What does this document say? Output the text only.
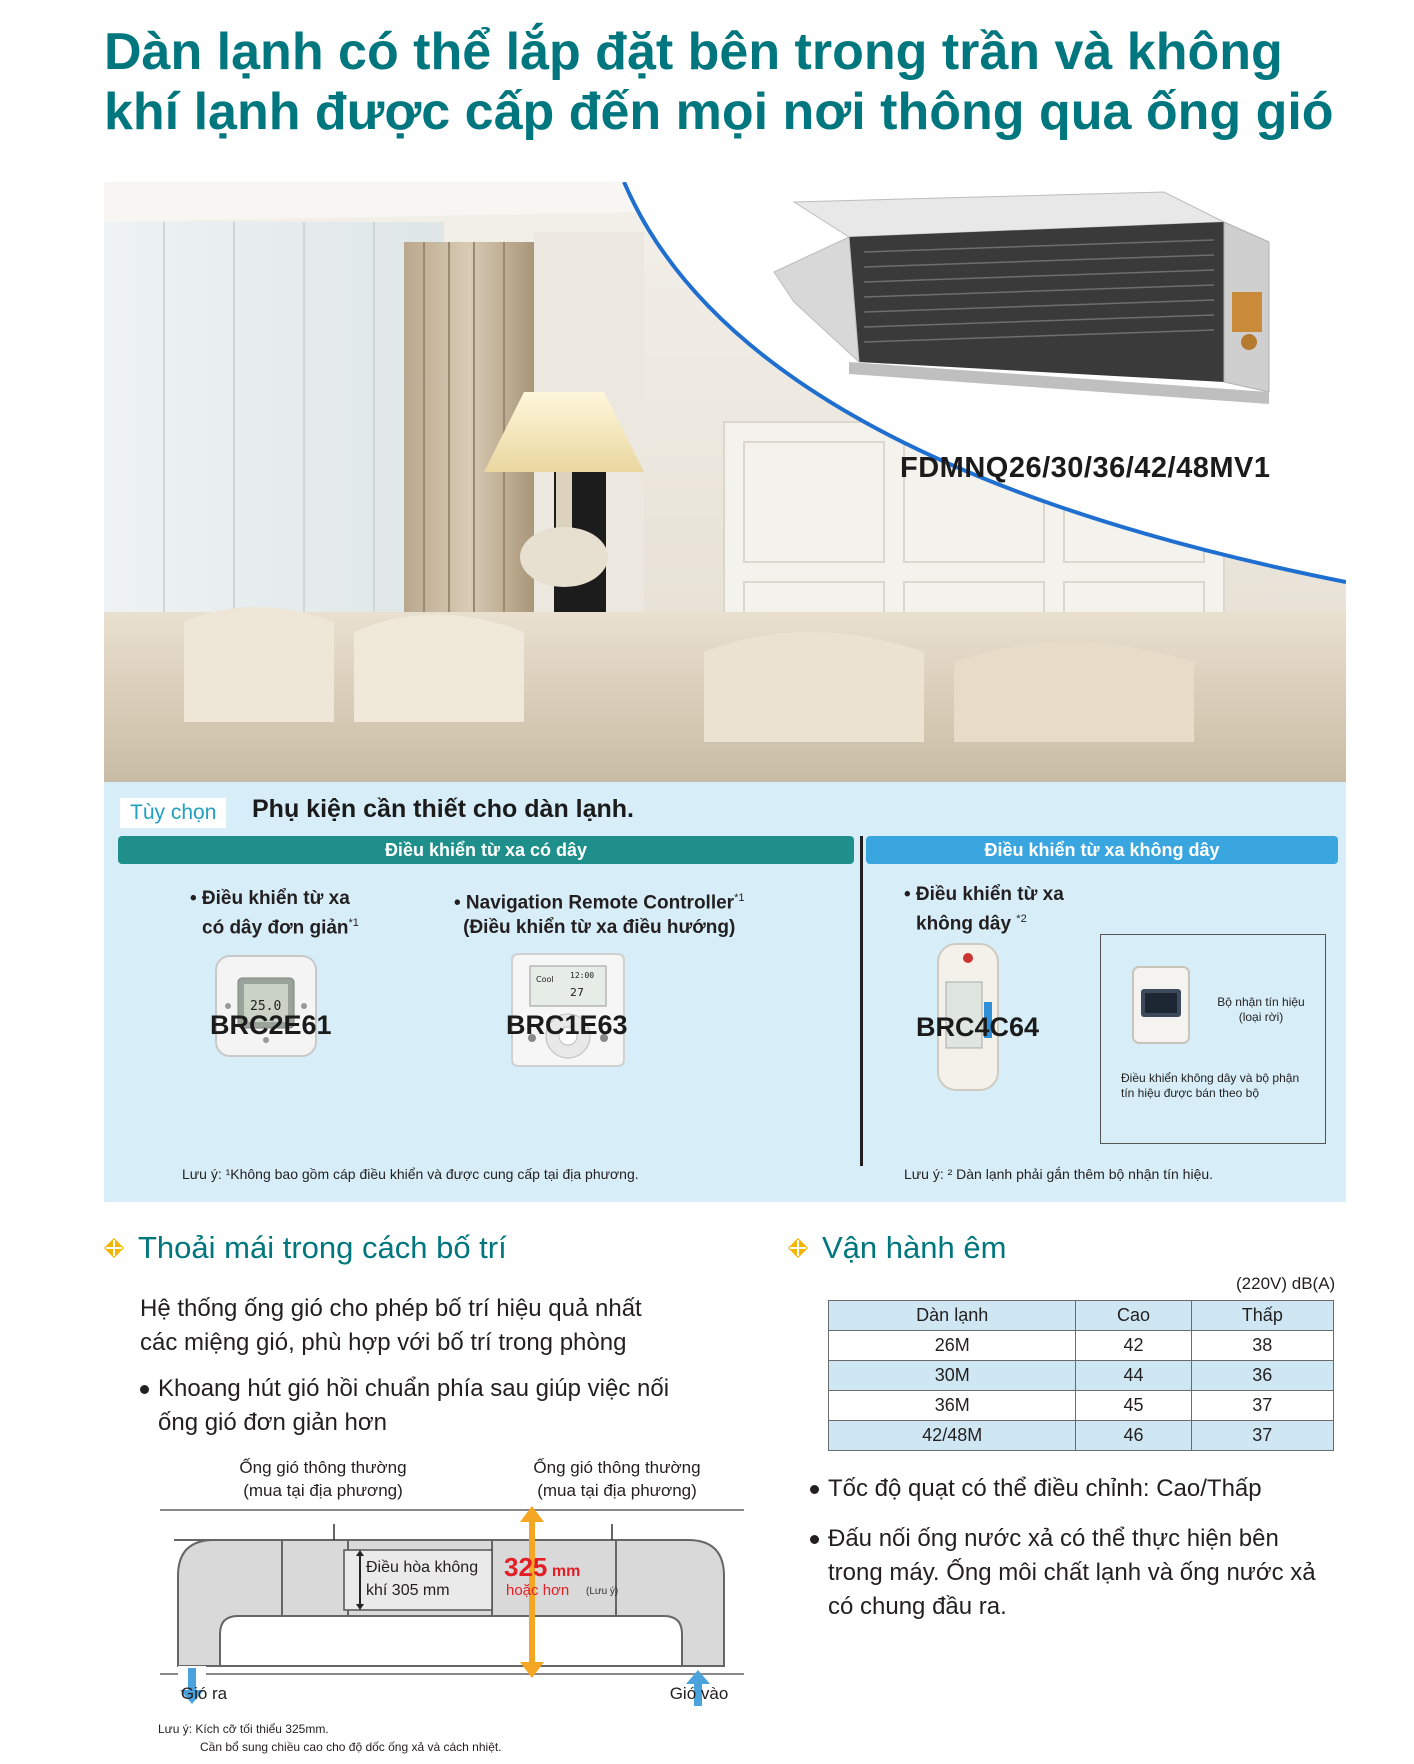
Dàn lạnh có thể lắp đặt bên trong trần và không
khí lạnh được cấp đến mọi nơi thông qua ống gió
FDMNQ26/30/36/42/48MV1
Tùy chọn	Phụ kiện cần thiết cho dàn lạnh.
Điều khiển từ xa có dây	Điều khiển từ xa không dây
• Điều khiển từ xa
có dây đơn giản$^{*1}$
25.0
BRC2E61
• Navigation Remote Controller$^{*1}$
(Điều khiển từ xa điều hướng)
Cool 12:00
27
BRC1E63
• Điều khiển từ xa
không dây $^{*2}$
BRC4C64
Bộ nhận tín hiệu (loại rời)
Điều khiển không dây và bộ phận tín hiệu được bán theo bộ
Lưu ý: ¹Không bao gồm cáp điều khiển và được cung cấp tại địa phương.	Lưu ý: ² Dàn lạnh phải gắn thêm bộ nhận tín hiệu.
Thoải mái trong cách bố trí
Hệ thống ống gió cho phép bố trí hiệu quả nhất
các miệng gió, phù hợp với bố trí trong phòng
Khoang hút gió hồi chuẩn phía sau giúp việc nối
ống gió đơn giản hơn
Ống gió thông thường
(mua tại địa phương)
Ống gió thông thường
(mua tại địa phương)
Điều hòa không
khí 305 mm
325 mm
hoặc hơn (Lưu ý)
Gió ra	Gió vào
Lưu ý: Kích cỡ tối thiểu 325mm.
Cần bổ sung chiều cao cho độ dốc ống xả và cách nhiệt.
Vận hành êm
(220V) dB(A)
Dàn lạnh	Cao	Thấp
26M	42	38
30M	44	36
36M	45	37
42/48M	46	37
Tốc độ quạt có thể điều chỉnh: Cao/Thấp
Đấu nối ống nước xả có thể thực hiện bên
trong máy. Ống môi chất lạnh và ống nước xả
có chung đầu ra.
